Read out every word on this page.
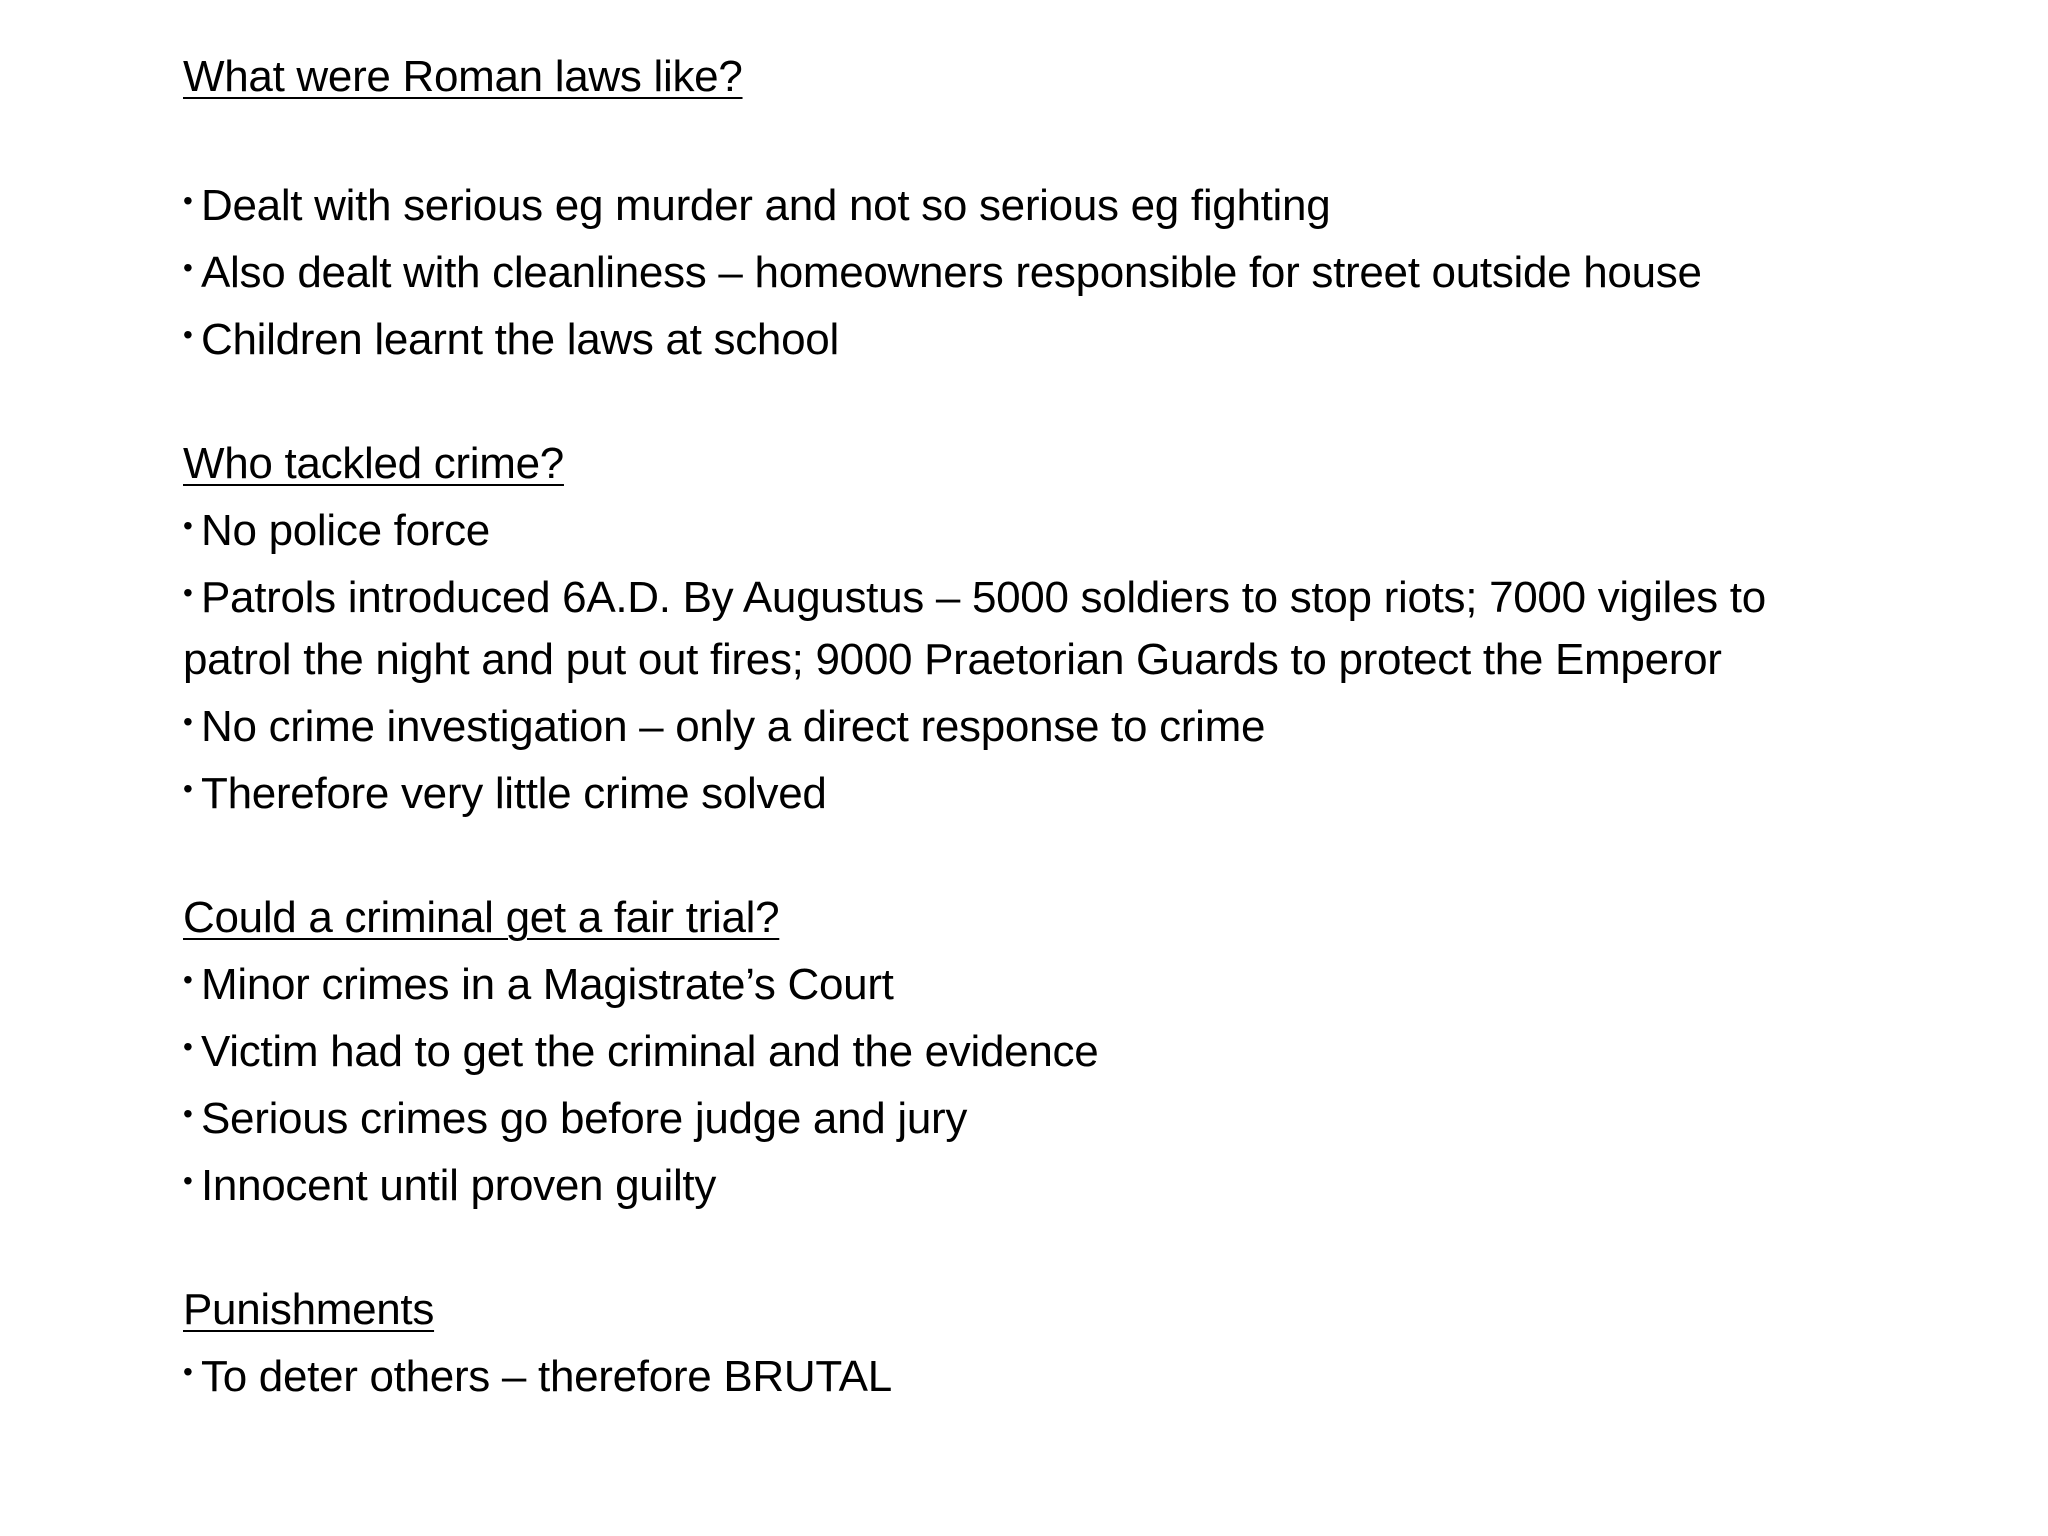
What were Roman laws like?
• Dealt with serious eg murder and not so serious eg fighting
• Also dealt with cleanliness – homeowners responsible for street outside house
• Children learnt the laws at school
Who tackled crime?
• No police force
• Patrols introduced 6A.D. By Augustus – 5000 soldiers to stop riots; 7000 vigiles to patrol the night and put out fires; 9000 Praetorian Guards to protect the Emperor
• No crime investigation – only a direct response to crime
• Therefore very little crime solved
Could a criminal get a fair trial?
• Minor crimes in a Magistrate’s Court
• Victim had to get the criminal and the evidence
• Serious crimes go before judge and jury
• Innocent until proven guilty
Punishments
• To deter others – therefore BRUTAL
